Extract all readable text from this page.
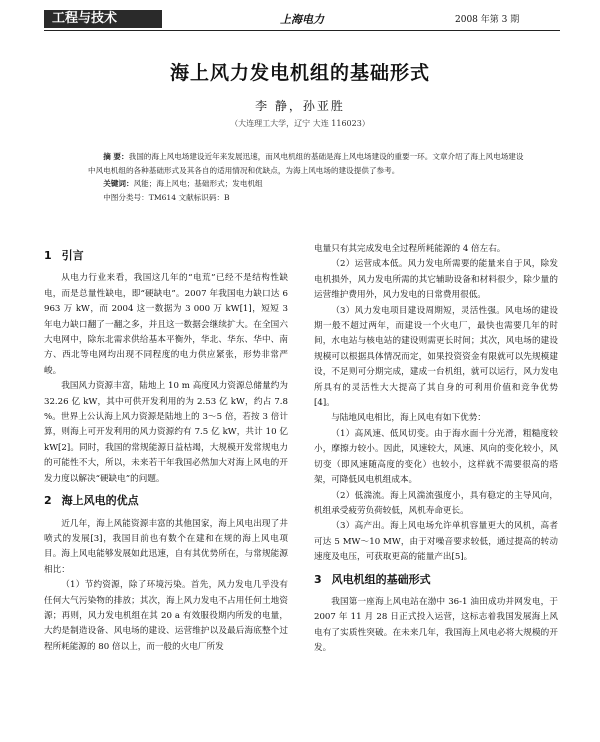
工程与技术	上海电力	2008 年第 3 期
海上风力发电机组的基础形式
李 静，孙亚胜
（大连理工大学，辽宁 大连 116023）

摘 要：我国的海上风电场建设近年来发展迅速，而风电机组的基础是海上风电场建设的重要一环。文章介绍了海上风电场建设中风电机组的各种基础形式及其各自的适用情况和优缺点，为海上风电场的建设提供了参考。

关键词：风能；海上风电；基础形式；发电机组

中图分类号：TM614 文献标识码：B

1 引言

从电力行业来看，我国这几年的“电荒”已经不是结构性缺电，而是总量性缺电，即“硬缺电”。2007 年我国电力缺口达 6 963 万 kW，而 2004 这一数据为 3 000 万 kW[1]，短短 3 年电力缺口翻了一翻之多，并且这一数据会继续扩大。在全国六大电网中，除东北需求供给基本平衡外，华北、华东、华中、南方、西北等电网均出现不同程度的电力供应紧张，形势非常严峻。

我国风力资源丰富，陆地上 10 m 高度风力资源总储量约为 32.26 亿 kW，其中可供开发利用的为 2.53 亿 kW，约占 7.8 %。世界上公认海上风力资源是陆地上的 3～5 倍，若按 3 倍计算，则海上可开发利用的风力资源约有 7.5 亿 kW，共计 10 亿 kW[2]。同时，我国的常规能源日益枯竭，大规模开发常规电力的可能性不大，所以，未来若干年我国必然加大对海上风电的开发力度以解决“硬缺电”的问题。

2 海上风电的优点

近几年，海上风能资源丰富的其他国家，海上风电出现了井喷式的发展[3]，我国目前也有数个在建和在规的海上风电项目。海上风电能够发展如此迅速，自有其优势所在，与常规能源相比：

（1）节约资源，除了环境污染。首先，风力发电几乎没有任何大气污染物的排放；其次，海上风力发电不占用任何土地资源；再则，风力发电机组在其 20 a 有效服役期内所发的电量，大约是制造设备、风电场的建设、运营维护以及最后海底整个过程所耗能源的 80 倍以上，而一般的火电厂所发

电量只有其完成发电全过程所耗能源的 4 倍左右。

（2）运营成本低。风力发电所需要的能量来自于风，除发电机损外，风力发电所需的其它辅助设备和材料很少，除少量的运营维护费用外，风力发电的日常费用很低。

（3）风力发电项目建设周期短，灵活性强。风电场的建设期一般不超过两年，而建设一个火电厂，最快也需要几年的时间，水电站与核电站的建设则需更长时间；其次，风电场的建设规模可以根据具体情况而定，如果投资资金有限就可以先规模建设，不足则可分期完成，建成一台机组，就可以运行，风力发电所具有的灵活性大大提高了其自身的可利用价值和竞争优势[4]。

与陆地风电相比，海上风电有如下优势：

（1）高风速、低风切变。由于海水面十分光滑，粗糙度较小，摩擦力较小。因此，风速较大，风速、风向的变化较小，风切变（即风速随高度的变化）也较小，这样就不需要很高的塔架，可降低风电机组成本。

（2）低湍流。海上风湍流强度小，具有稳定的主导风向，机组承受疲劳负荷较低，风机寿命更长。

（3）高产出。海上风电场允许单机容量更大的风机，高者可达 5 MW～10 MW，由于对噪音要求较低，通过提高的转动速度及电压，可获取更高的能量产出[5]。

3 风电机组的基础形式

我国第一座海上风电站在渤中 36-1 油田成功并网发电，于 2007 年 11 月 28 日正式投入运营，这标志着我国发展海上风电有了实质性突破。在未来几年，我国海上风电必将大规模的开发。
